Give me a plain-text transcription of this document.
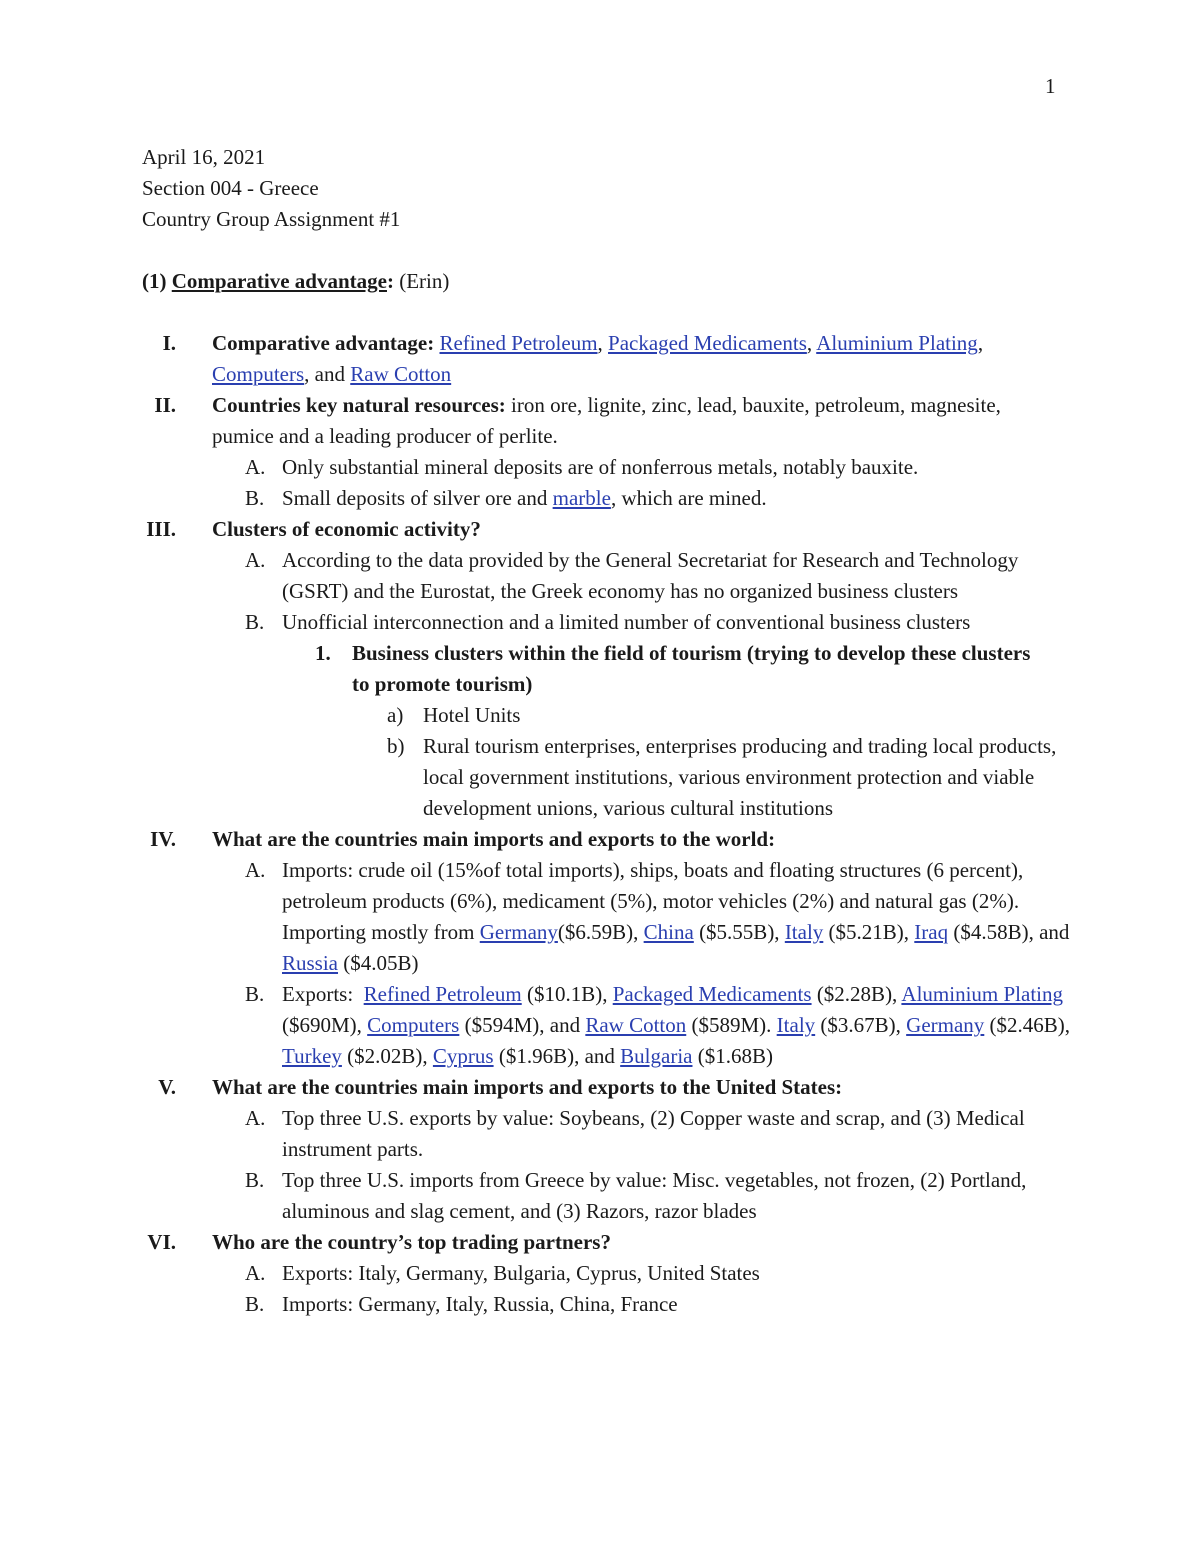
1
April 16, 2021
Section 004 - Greece
Country Group Assignment #1
(1) Comparative advantage: (Erin)
I. Comparative advantage: Refined Petroleum, Packaged Medicaments, Aluminium Plating, Computers, and Raw Cotton
II. Countries key natural resources: iron ore, lignite, zinc, lead, bauxite, petroleum, magnesite, pumice and a leading producer of perlite.
A. Only substantial mineral deposits are of nonferrous metals, notably bauxite.
B. Small deposits of silver ore and marble, which are mined.
III. Clusters of economic activity?
A. According to the data provided by the General Secretariat for Research and Technology (GSRT) and the Eurostat, the Greek economy has no organized business clusters
B. Unofficial interconnection and a limited number of conventional business clusters
1. Business clusters within the field of tourism (trying to develop these clusters to promote tourism)
a) Hotel Units
b) Rural tourism enterprises, enterprises producing and trading local products, local government institutions, various environment protection and viable development unions, various cultural institutions
IV. What are the countries main imports and exports to the world:
A. Imports: crude oil (15%of total imports), ships, boats and floating structures (6 percent), petroleum products (6%), medicament (5%), motor vehicles (2%) and natural gas (2%). Importing mostly from Germany($6.59B), China ($5.55B), Italy ($5.21B), Iraq ($4.58B), and Russia ($4.05B)
B. Exports:  Refined Petroleum ($10.1B), Packaged Medicaments ($2.28B), Aluminium Plating ($690M), Computers ($594M), and Raw Cotton ($589M). Italy ($3.67B), Germany ($2.46B), Turkey ($2.02B), Cyprus ($1.96B), and Bulgaria ($1.68B)
V. What are the countries main imports and exports to the United States:
A. Top three U.S. exports by value: Soybeans, (2) Copper waste and scrap, and (3) Medical instrument parts.
B. Top three U.S. imports from Greece by value: Misc. vegetables, not frozen, (2) Portland, aluminous and slag cement, and (3) Razors, razor blades
VI. Who are the country’s top trading partners?
A. Exports: Italy, Germany, Bulgaria, Cyprus, United States
B. Imports: Germany, Italy, Russia, China, France
